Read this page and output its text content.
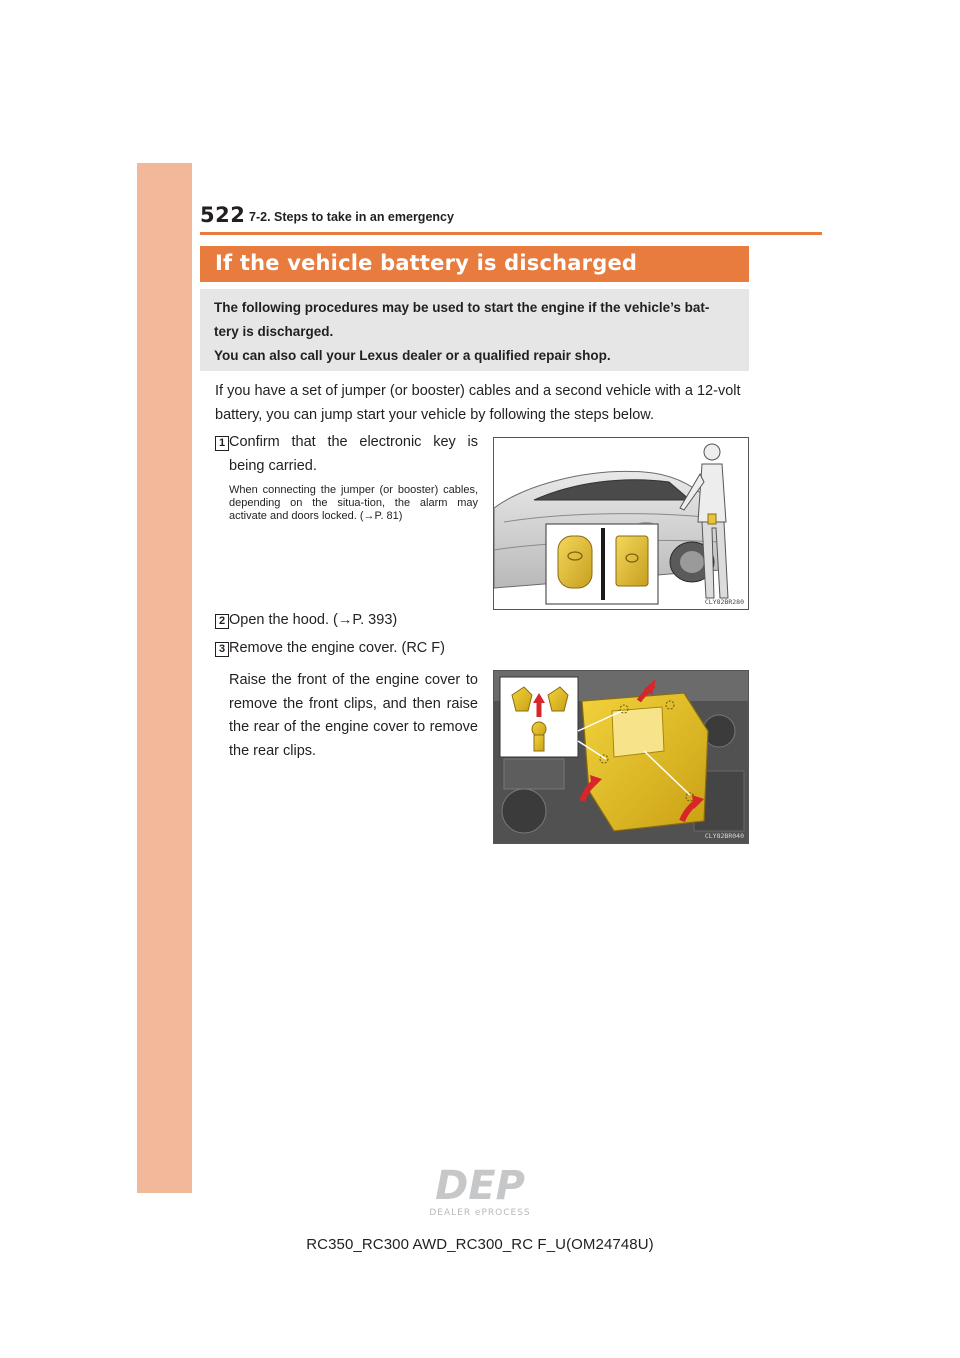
522 7-2. Steps to take in an emergency
If the vehicle battery is discharged

The following procedures may be used to start the engine if the vehicle’s bat-

tery is discharged.

You can also call your Lexus dealer or a qualified repair shop.

If you have a set of jumper (or booster) cables and a second vehicle with a 12-volt
battery, you can jump start your vehicle by following the steps below.
1 Confirm that the electronic key is being carried.
When connecting the jumper (or booster) cables, depending on the situa-tion, the alarm may activate and doors locked. (→P. 81)
CLY82BR280
2 Open the hood. (→P. 393)
3 Remove the engine cover. (RC F)
Raise the front of the engine cover to remove the front clips, and then raise the rear of the engine cover to remove the rear clips.
CLY82BR040
DEP
DEALER ePROCESS
RC350_RC300 AWD_RC300_RC F_U(OM24748U)
